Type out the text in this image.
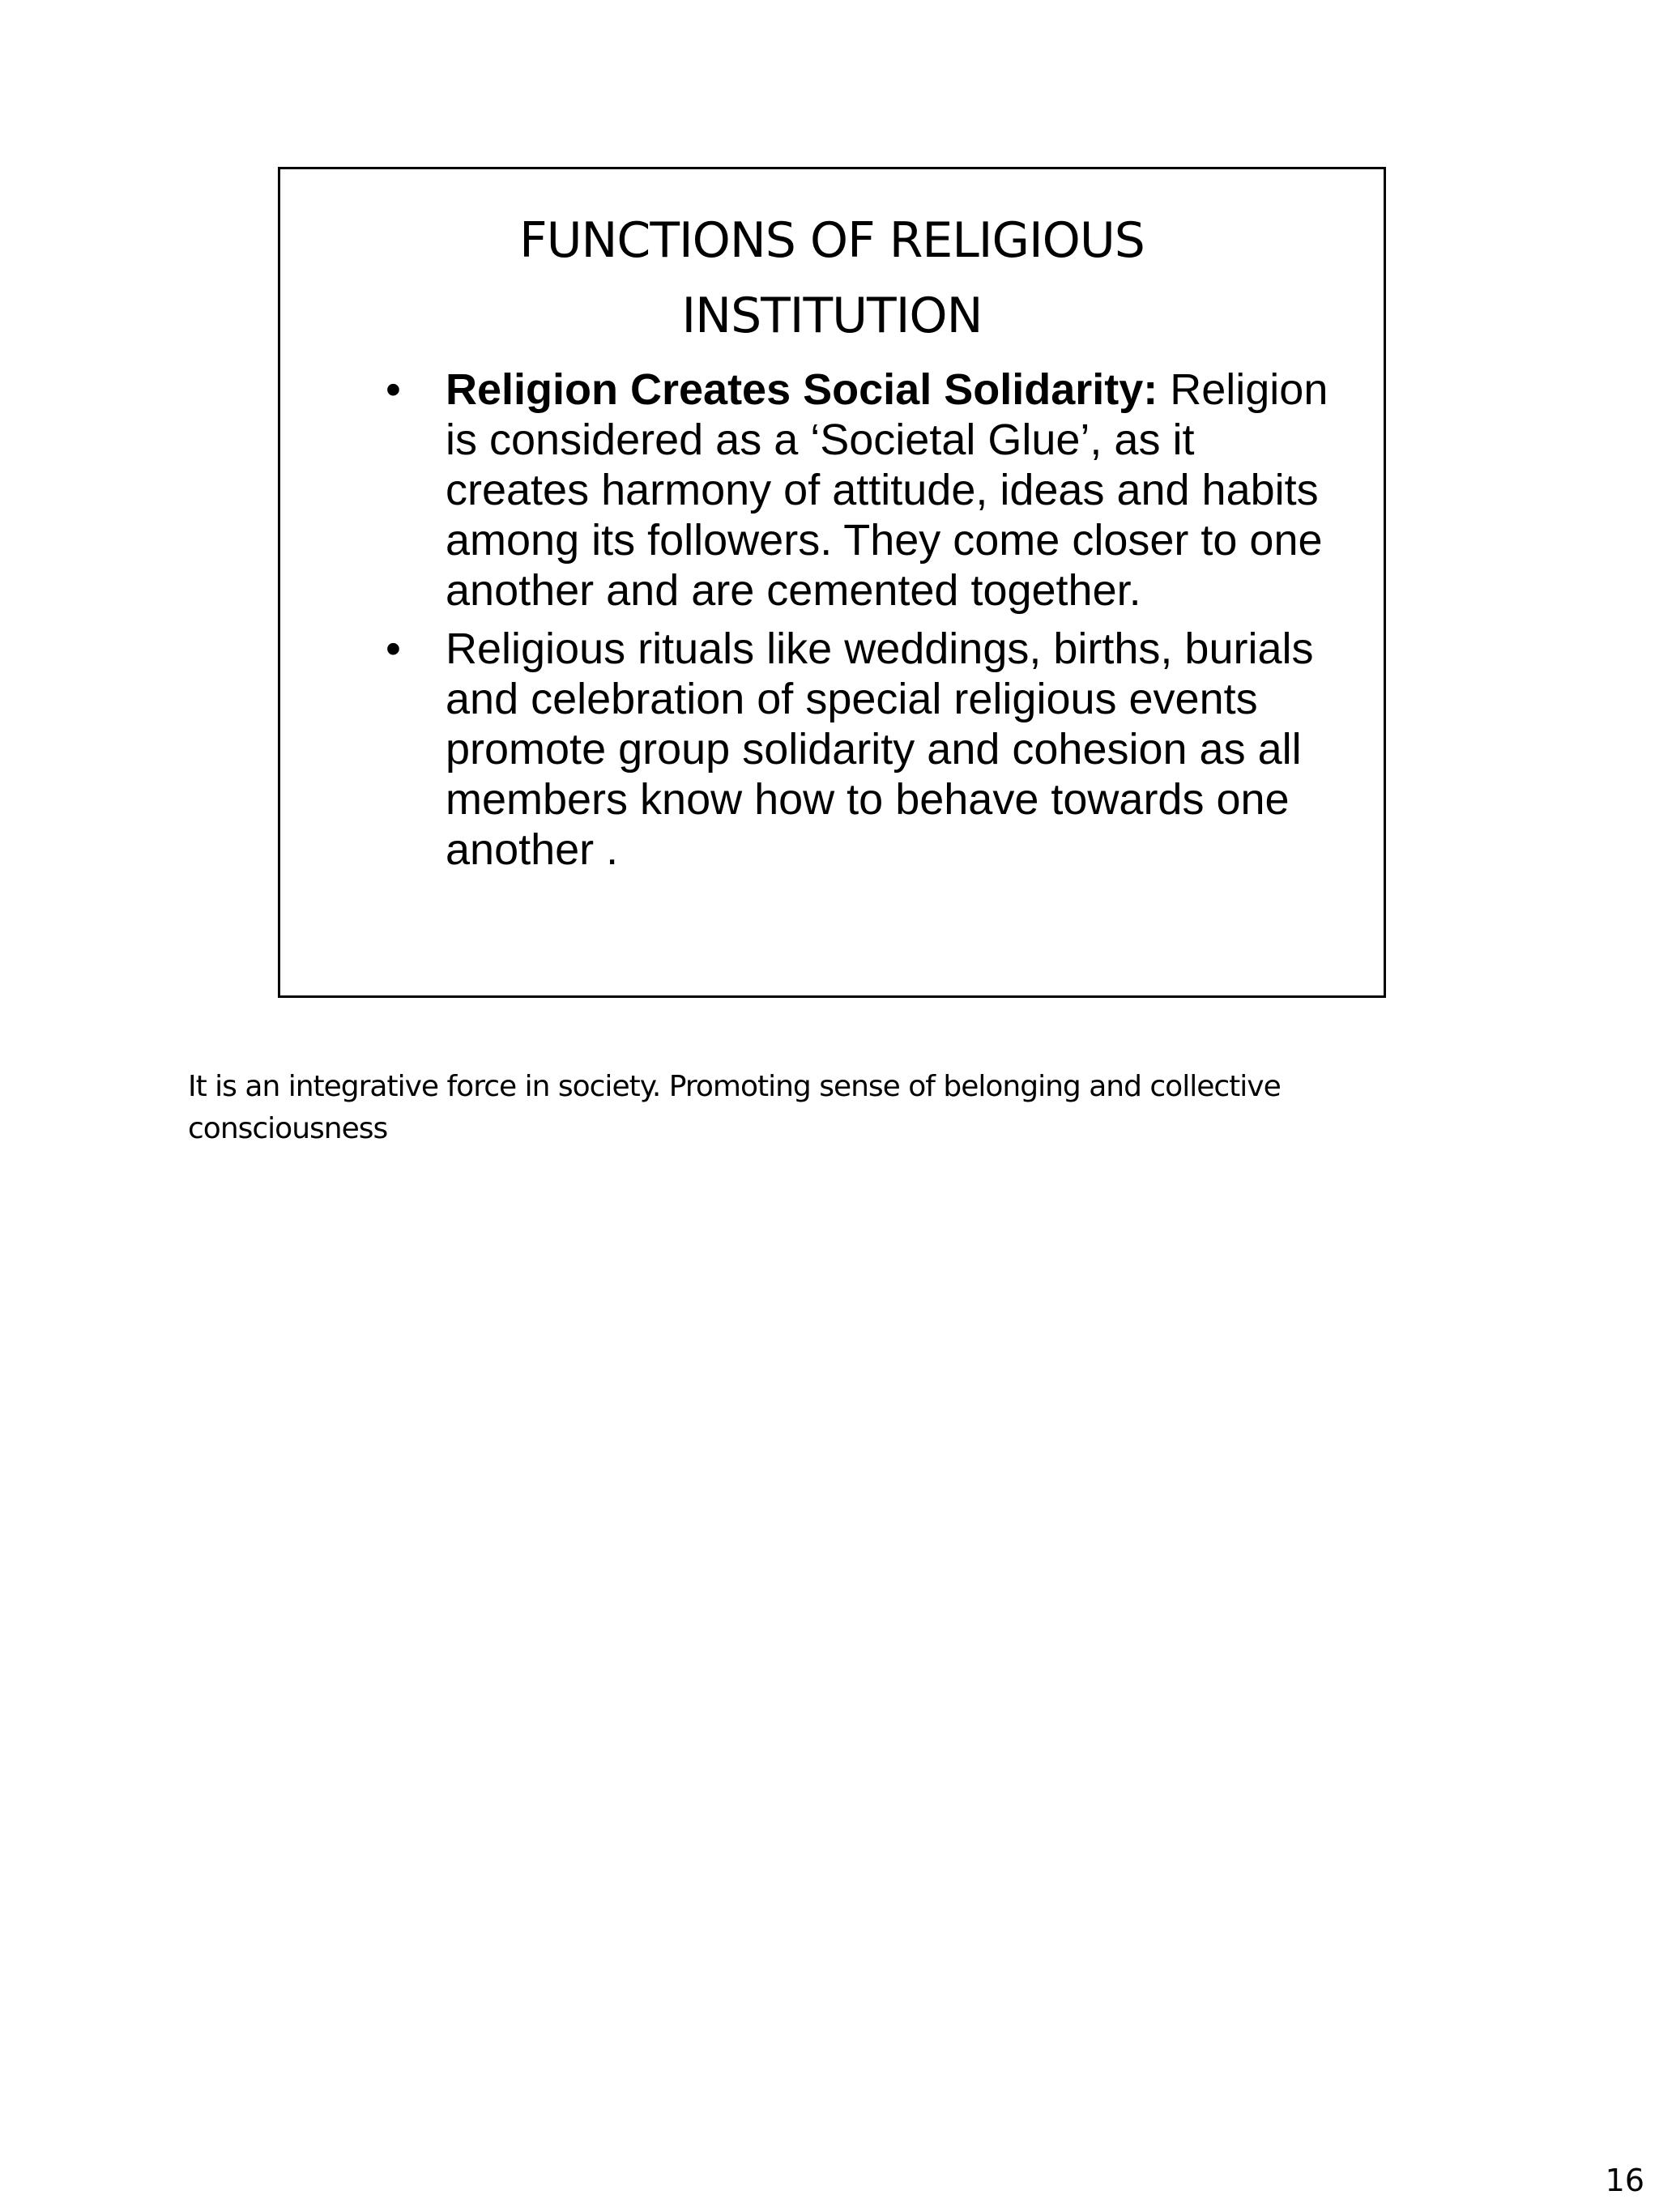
FUNCTIONS OF RELIGIOUS
INSTITUTION
• Religion Creates Social Solidarity: Religion
is considered as a ‘Societal Glue’, as it
creates harmony of attitude, ideas and habits
among its followers. They come closer to one
another and are cemented together.
• Religious rituals like weddings, births, burials
and celebration of special religious events
promote group solidarity and cohesion as all
members know how to behave towards one
another .

It is an integrative force in society. Promoting sense of belonging and collective
consciousness

16
